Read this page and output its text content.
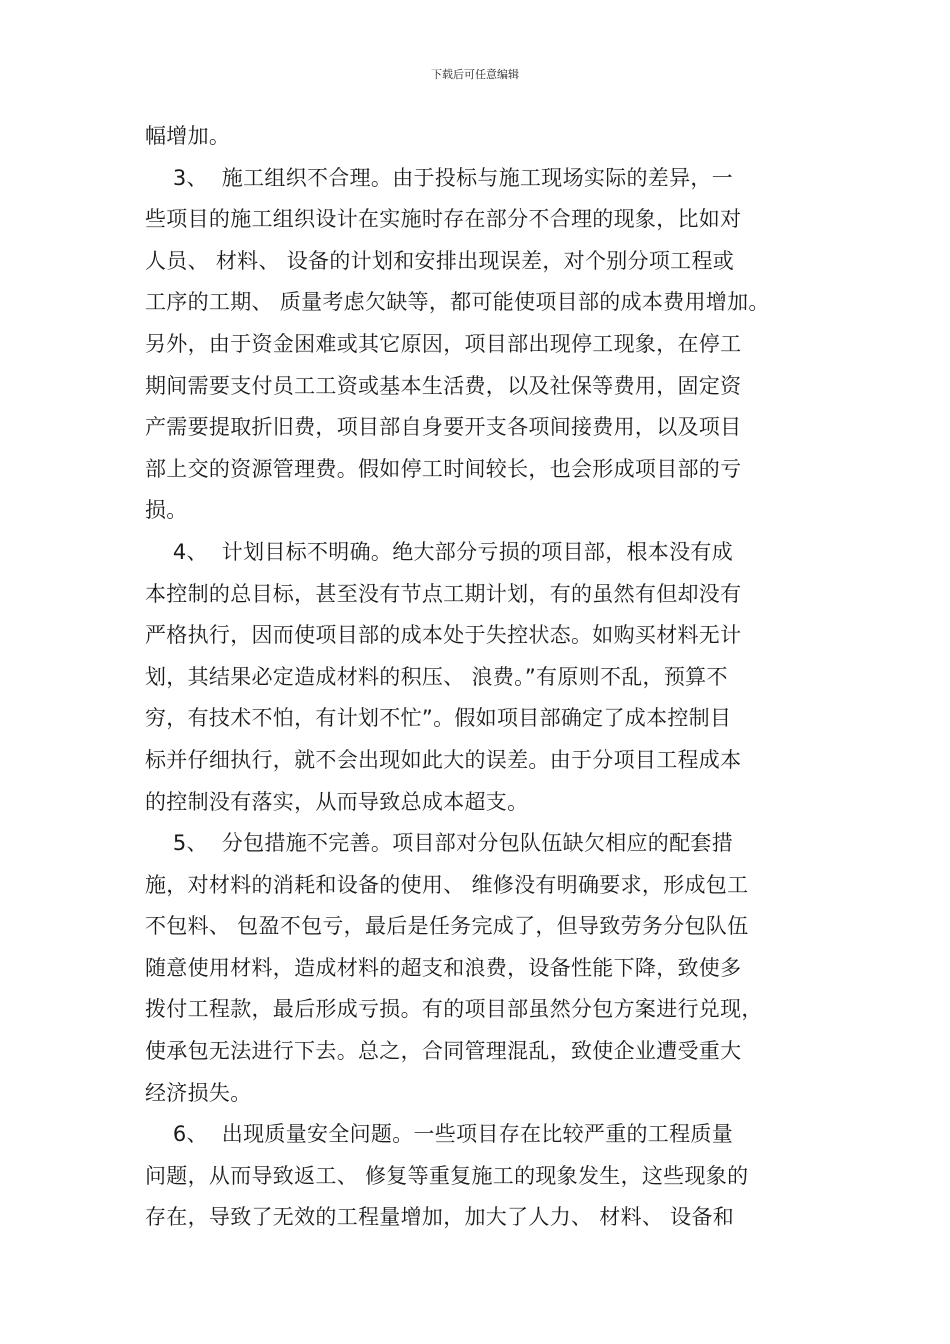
下载后可任意编辑
幅增加。
3、  施工组织不合理。由于投标与施工现场实际的差异，一
些项目的施工组织设计在实施时存在部分不合理的现象，比如对
人员、 材料、 设备的计划和安排出现误差，对个别分项工程或
工序的工期、 质量考虑欠缺等，都可能使项目部的成本费用增加。
另外，由于资金困难或其它原因，项目部出现停工现象，在停工
期间需要支付员工工资或基本生活费，以及社保等费用，固定资
产需要提取折旧费，项目部自身要开支各项间接费用，以及项目
部上交的资源管理费。假如停工时间较长，也会形成项目部的亏
损。
4、  计划目标不明确。绝大部分亏损的项目部，根本没有成
本控制的总目标，甚至没有节点工期计划，有的虽然有但却没有
严格执行，因而使项目部的成本处于失控状态。如购买材料无计
划，其结果必定造成材料的积压、 浪费。”有原则不乱，预算不
穷，有技术不怕，有计划不忙”。假如项目部确定了成本控制目
标并仔细执行，就不会出现如此大的误差。由于分项目工程成本
的控制没有落实，从而导致总成本超支。
5、  分包措施不完善。项目部对分包队伍缺欠相应的配套措
施，对材料的消耗和设备的使用、 维修没有明确要求，形成包工
不包料、 包盈不包亏，最后是任务完成了，但导致劳务分包队伍
随意使用材料，造成材料的超支和浪费，设备性能下降，致使多
拨付工程款，最后形成亏损。有的项目部虽然分包方案进行兑现，
使承包无法进行下去。总之，合同管理混乱，致使企业遭受重大
经济损失。
6、  出现质量安全问题。一些项目存在比较严重的工程质量
问题，从而导致返工、 修复等重复施工的现象发生，这些现象的
存在，导致了无效的工程量增加，加大了人力、 材料、 设备和
